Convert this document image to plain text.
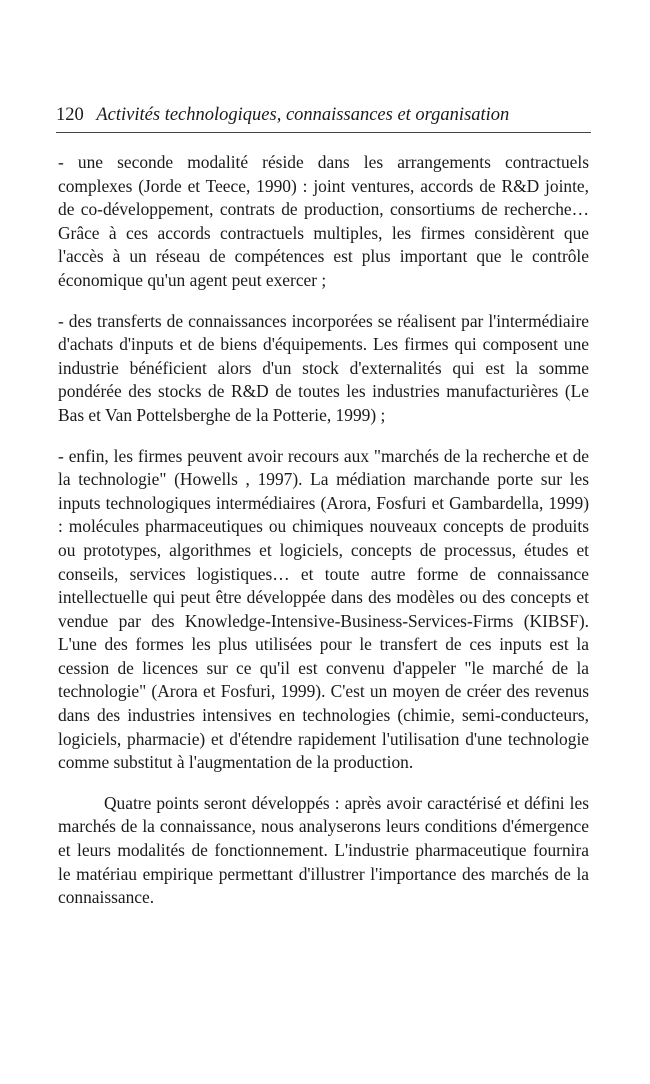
120 Activités technologiques, connaissances et organisation

- une seconde modalité réside dans les arrangements contractuels complexes (Jorde et Teece, 1990) : joint ventures, accords de R&D jointe, de co-développement, contrats de production, consortiums de recherche… Grâce à ces accords contractuels multiples, les firmes considèrent que l'accès à un réseau de compétences est plus important que le contrôle économique qu'un agent peut exercer ;

- des transferts de connaissances incorporées se réalisent par l'intermédiaire d'achats d'inputs et de biens d'équipements. Les firmes qui composent une industrie bénéficient alors d'un stock d'externalités qui est la somme pondérée des stocks de R&D de toutes les industries manufacturières (Le Bas et Van Pottelsberghe de la Potterie, 1999) ;

- enfin, les firmes peuvent avoir recours aux "marchés de la recherche et de la technologie" (Howells , 1997). La médiation marchande porte sur les inputs technologiques intermédiaires (Arora, Fosfuri et Gambardella, 1999) : molécules pharmaceutiques ou chimiques nouveaux concepts de produits ou prototypes, algorithmes et logiciels, concepts de processus, études et conseils, services logistiques… et toute autre forme de connaissance intellectuelle qui peut être développée dans des modèles ou des concepts et vendue par des Knowledge-Intensive-Business-Services-Firms (KIBSF). L'une des formes les plus utilisées pour le transfert de ces inputs est la cession de licences sur ce qu'il est convenu d'appeler "le marché de la technologie" (Arora et Fosfuri, 1999). C'est un moyen de créer des revenus dans des industries intensives en technologies (chimie, semi-conducteurs, logiciels, pharmacie) et d'étendre rapidement l'utilisation d'une technologie comme substitut à l'augmentation de la production.

Quatre points seront développés : après avoir caractérisé et défini les marchés de la connaissance, nous analyserons leurs conditions d'émergence et leurs modalités de fonctionnement. L'industrie pharmaceutique fournira le matériau empirique permettant d'illustrer l'importance des marchés de la connaissance.
